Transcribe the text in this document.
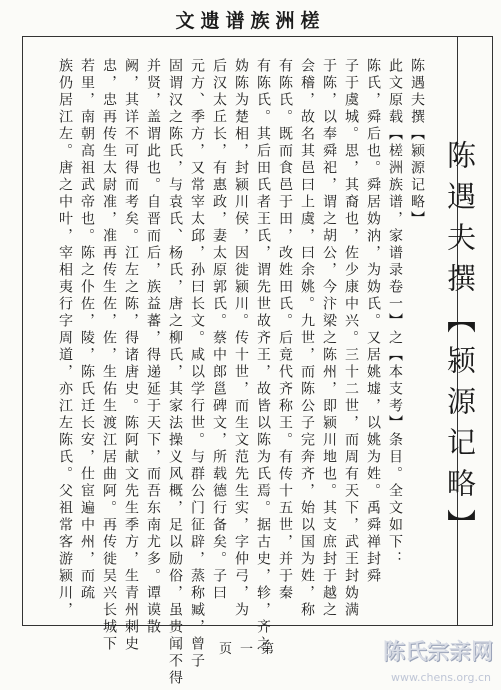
文遗谱族洲槎
陈遇夫撰【颍源记略】
陈遇夫撰【颍源记略】
此文原载【槎洲族谱，家谱录卷一】之【本支考】条目。全文如下：
陈氏，舜后也。舜居妫汭，为妫氏。又居姚墟，以姚为姓。禹舜禅封舜
子于虞城。思，其裔也，佐少康中兴。三十二世，而周有天下，武王封妫满
于陈，以奉舜祀，谓之胡公，今汴梁之陈州，即颍川地也。其支庶封于越之
会稽，故名其邑曰上虞，曰余姚。九世，而陈公子完奔齐，始以国为姓，称
有陈氏。既而食邑于田，改姓田氏。后竟代齐称王。有传十五世，并于秦
有陈氏。其后田氏者王氏，谓先世故齐王，故皆以陈为氏焉。据古史，轸，齐之
妫陈为楚相，封颍川侯，因徙颍川。传十世，而生文范先生实，字仲弓，为
后汉太丘长，有惠政，妻太原郭氏。蔡中郎邕碑文，所载德行备矣。子曰
元方、季方，又常宰太邱，孙曰长文。咸以学行世。与群公门征辟，蒸称臧，曾子
固谓汉之陈氏，与袁氏、杨氏，唐之柳氏，其家法操义风概，足以励俗，虽贵闻不得
并贤，盖谓此也。自晋而后，族益蕃，得递延于天下，而吾东南尤多。谭谟散
阙，其详不可得而考矣。江左之陈，得诸唐史。陈阿献文先生季方，生青州刺史
忠，忠再传生太尉准，准再传生佐，佐，生佑生渡江居曲阿。再传徙吴兴长城下
若里，南朝高祖武帝也。陈之仆佐，陵，陈氏迁长安，仕宦遍中州，而疏
族仍居江左。唐之中叶，宰相夷行字周道，亦江左陈氏。父祖常客游颍川，
页一第	陈氏宗亲网
www.chens.org.cn
